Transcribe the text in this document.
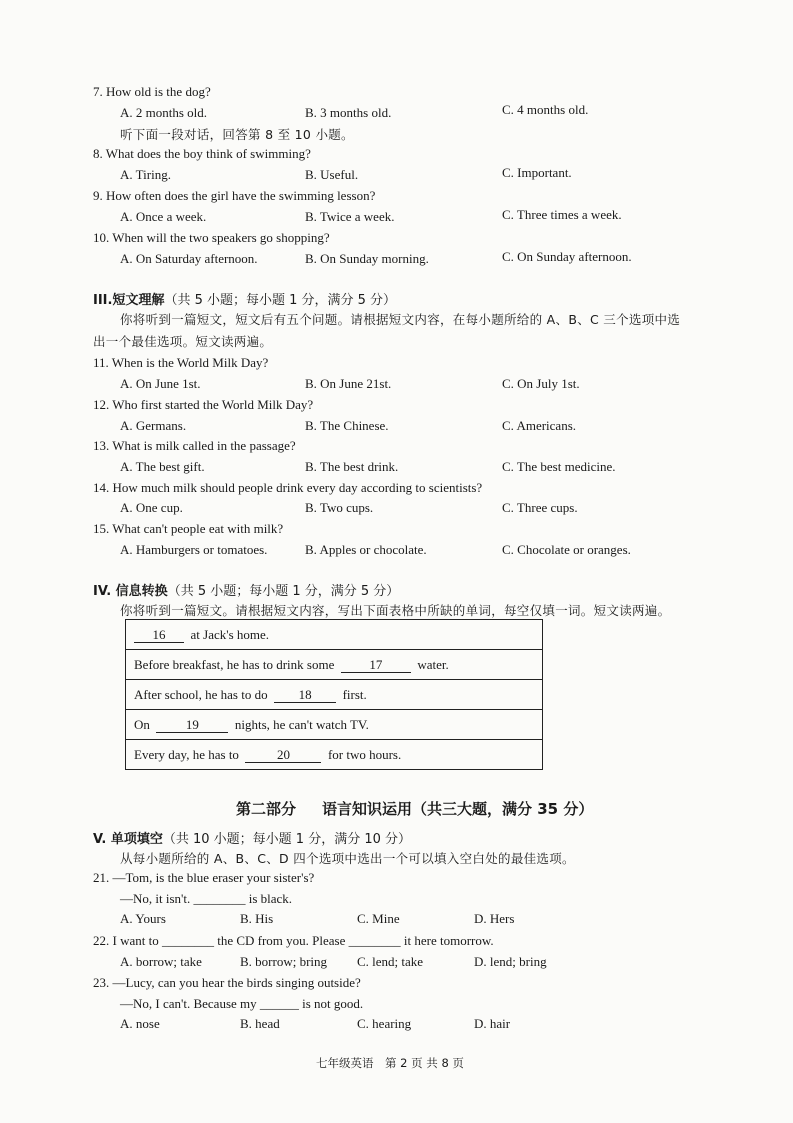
7. How old is the dog?
A. 2 months old.	B. 3 months old.	C. 4 months old.
听下面一段对话，回答第 8 至 10 小题。
8. What does the boy think of swimming?
A. Tiring.	B. Useful.	C. Important.
9. How often does the girl have the swimming lesson?
A. Once a week.	B. Twice a week.	C. Three times a week.
10. When will the two speakers go shopping?
A. On Saturday afternoon.	B. On Sunday morning.	C. On Sunday afternoon.
你将听到一篇短文，短文后有五个问题。请根据短文内容，在每小题所给的 A、B、C 三个选项中选
出一个最佳选项。短文读两遍。
11. When is the World Milk Day?
A. On June 1st.	B. On June 21st.	C. On July 1st.
12. Who first started the World Milk Day?
A. Germans.	B. The Chinese.	C. Americans.
13. What is milk called in the passage?
A. The best gift.	B. The best drink.	C. The best medicine.
14. How much milk should people drink every day according to scientists?
A. One cup.	B. Two cups.	C. Three cups.
15. What can't people eat with milk?
A. Hamburgers or tomatoes.	B. Apples or chocolate.	C. Chocolate or oranges.
你将听到一篇短文。请根据短文内容，写出下面表格中所缺的单词，每空仅填一词。短文读两遍。
从每小题所给的 A、B、C、D 四个选项中选出一个可以填入空白处的最佳选项。
21. —Tom, is the blue eraser your sister's?
—No, it isn't. ________ is black.
A. Yours	B. His	C. Mine	D. Hers
22. I want to ________ the CD from you. Please ________ it here tomorrow.
A. borrow; take	B. borrow; bring C. lend; take	D. lend; bring
23. —Lucy, can you hear the birds singing outside?
—No, I can't. Because my ______ is not good.
A. nose	B. head	C. hearing	D. hair
III.短文理解（共 5 小题；每小题 1 分，满分 5 分）
IV. 信息转换（共 5 小题；每小题 1 分，满分 5 分）
16 at Jack's home.
Before breakfast, he has to drink some	17	water.
After school, he has to do 18 first.
On	19	nights, he can't watch TV.
Every day, he has to	20	for two hours.
第二部分 语言知识运用（共三大题，满分 35 分）
V. 单项填空（共 10 小题；每小题 1 分，满分 10 分）
七年级英语　第 2 页 共 8 页
